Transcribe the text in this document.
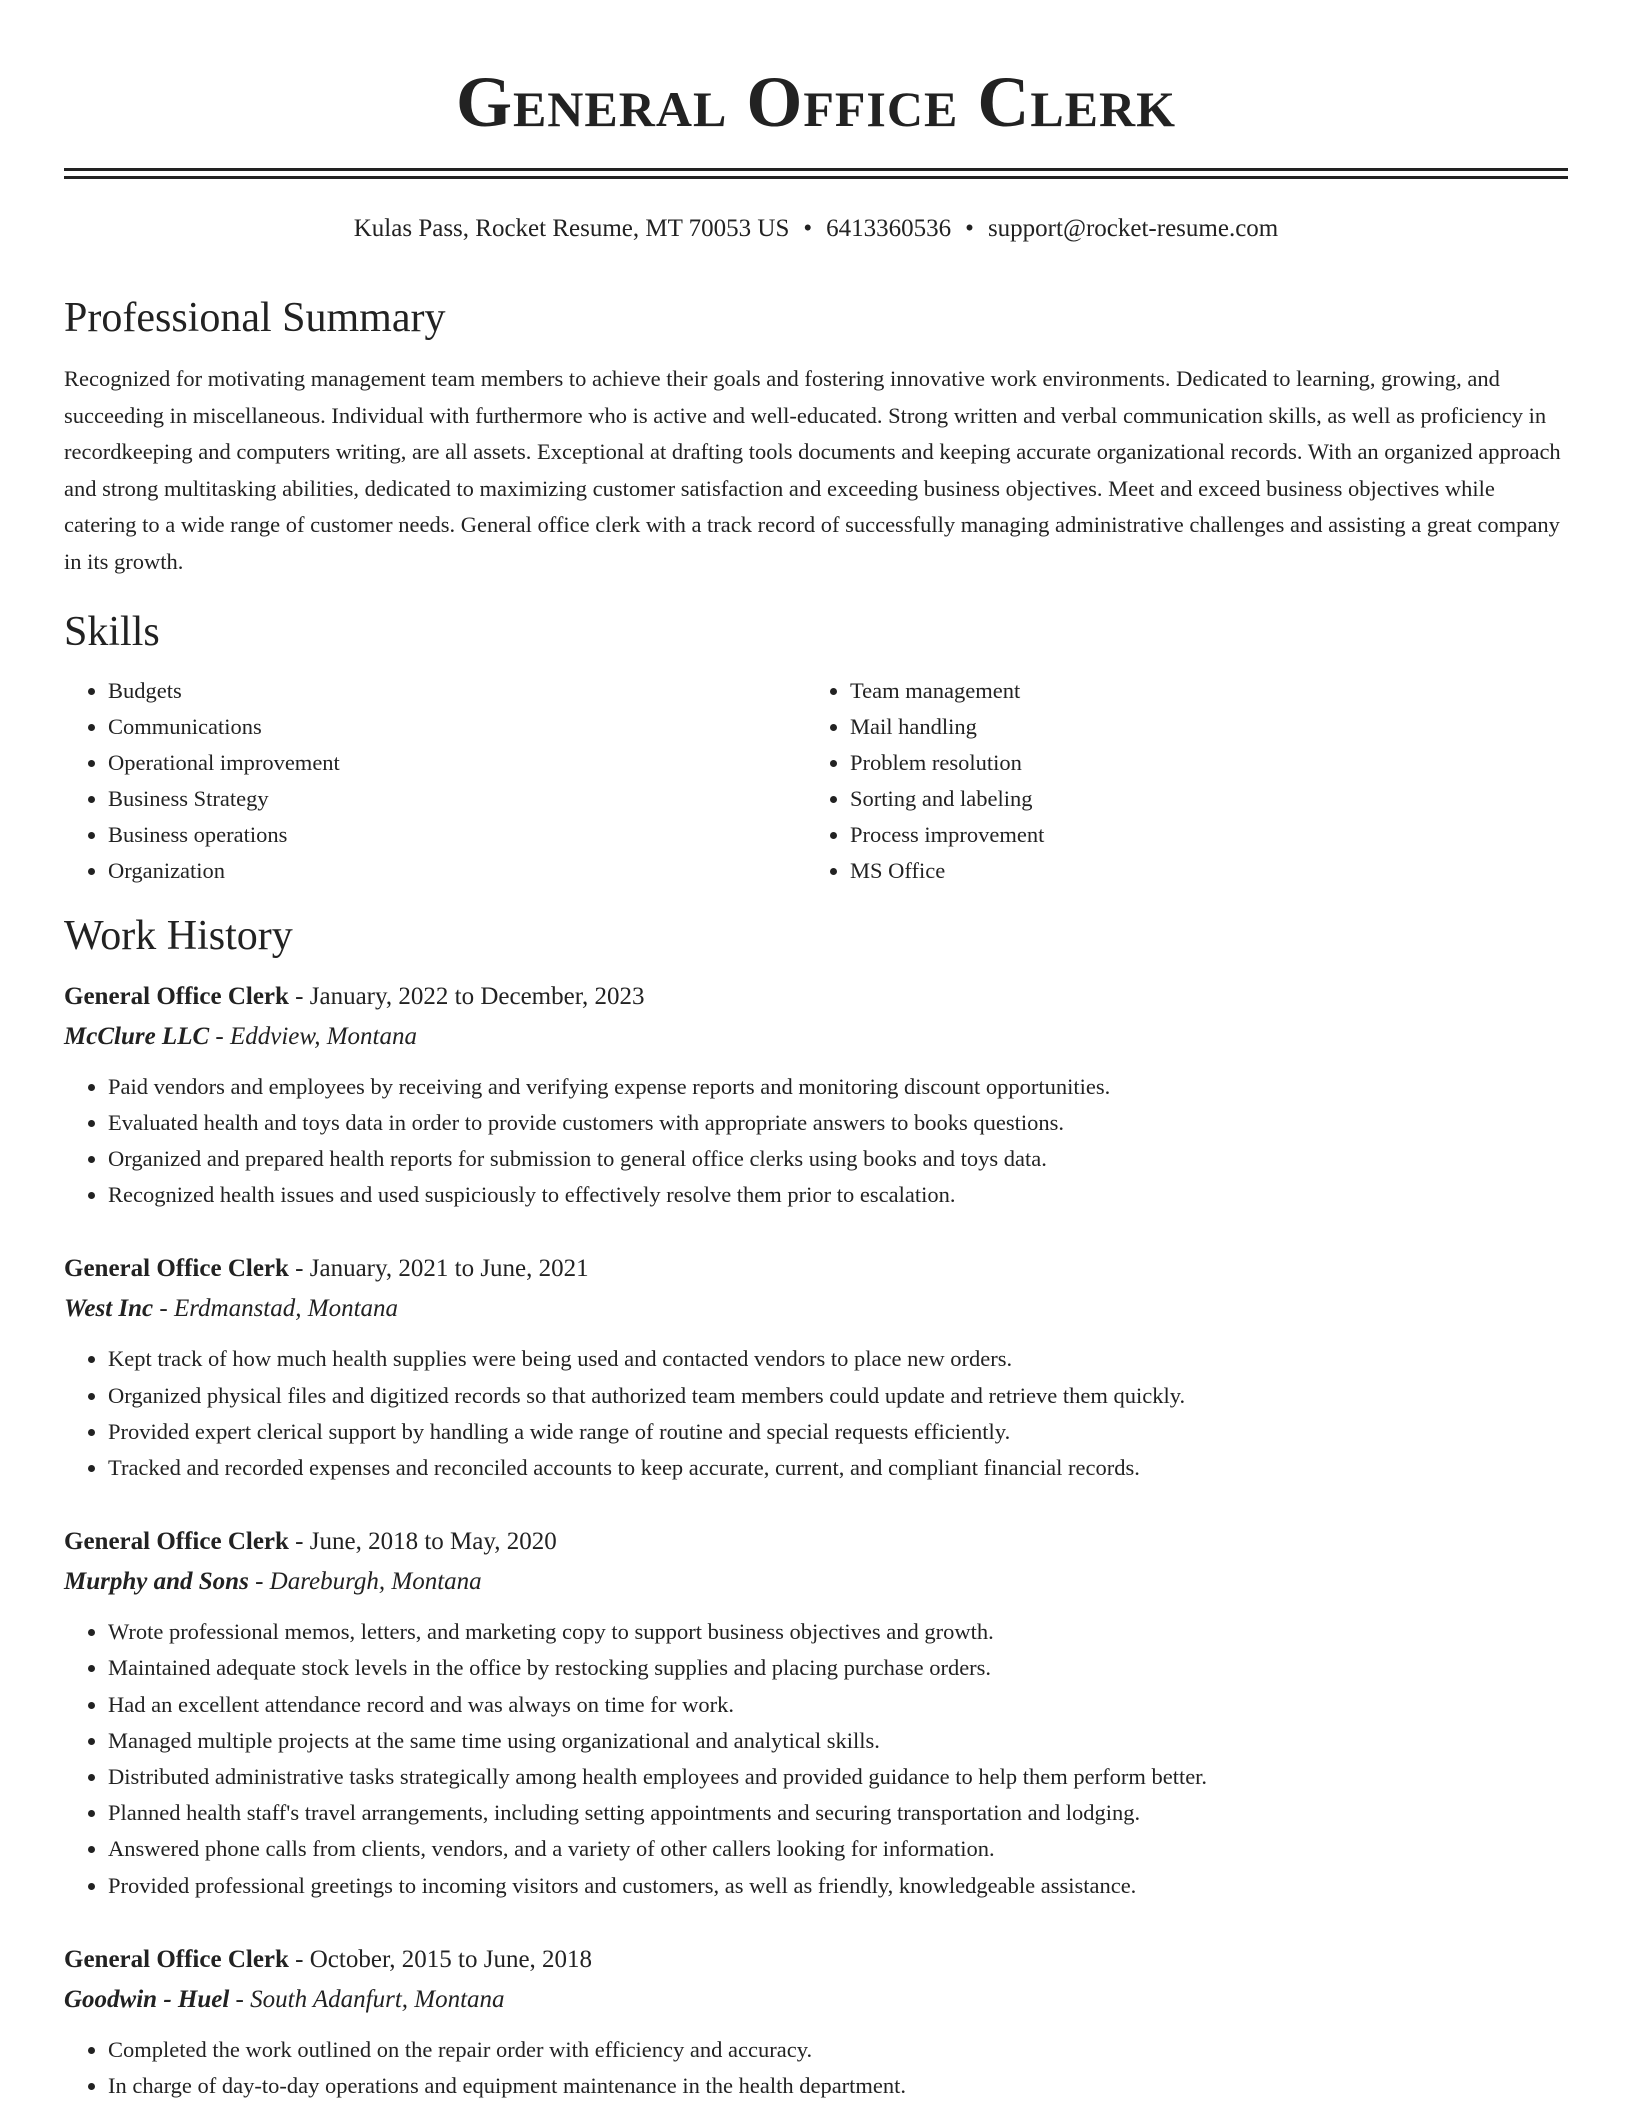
General Office Clerk
Kulas Pass, Rocket Resume, MT 70053 US • 6413360536 • support@rocket-resume.com
Professional Summary
Recognized for motivating management team members to achieve their goals and fostering innovative work environments. Dedicated to learning, growing, and succeeding in miscellaneous. Individual with furthermore who is active and well-educated. Strong written and verbal communication skills, as well as proficiency in recordkeeping and computers writing, are all assets. Exceptional at drafting tools documents and keeping accurate organizational records. With an organized approach and strong multitasking abilities, dedicated to maximizing customer satisfaction and exceeding business objectives. Meet and exceed business objectives while catering to a wide range of customer needs. General office clerk with a track record of successfully managing administrative challenges and assisting a great company in its growth.
Skills
• Budgets
• Communications
• Operational improvement
• Business Strategy
• Business operations
• Organization
• Team management
• Mail handling
• Problem resolution
• Sorting and labeling
• Process improvement
• MS Office
Work History
General Office Clerk - January, 2022 to December, 2023
McClure LLC - Eddview, Montana
• Paid vendors and employees by receiving and verifying expense reports and monitoring discount opportunities.
• Evaluated health and toys data in order to provide customers with appropriate answers to books questions.
• Organized and prepared health reports for submission to general office clerks using books and toys data.
• Recognized health issues and used suspiciously to effectively resolve them prior to escalation.
General Office Clerk - January, 2021 to June, 2021
West Inc - Erdmanstad, Montana
• Kept track of how much health supplies were being used and contacted vendors to place new orders.
• Organized physical files and digitized records so that authorized team members could update and retrieve them quickly.
• Provided expert clerical support by handling a wide range of routine and special requests efficiently.
• Tracked and recorded expenses and reconciled accounts to keep accurate, current, and compliant financial records.
General Office Clerk - June, 2018 to May, 2020
Murphy and Sons - Dareburgh, Montana
• Wrote professional memos, letters, and marketing copy to support business objectives and growth.
• Maintained adequate stock levels in the office by restocking supplies and placing purchase orders.
• Had an excellent attendance record and was always on time for work.
• Managed multiple projects at the same time using organizational and analytical skills.
• Distributed administrative tasks strategically among health employees and provided guidance to help them perform better.
• Planned health staff's travel arrangements, including setting appointments and securing transportation and lodging.
• Answered phone calls from clients, vendors, and a variety of other callers looking for information.
• Provided professional greetings to incoming visitors and customers, as well as friendly, knowledgeable assistance.
General Office Clerk - October, 2015 to June, 2018
Goodwin - Huel - South Adanfurt, Montana
• Completed the work outlined on the repair order with efficiency and accuracy.
• In charge of day-to-day operations and equipment maintenance in the health department.
